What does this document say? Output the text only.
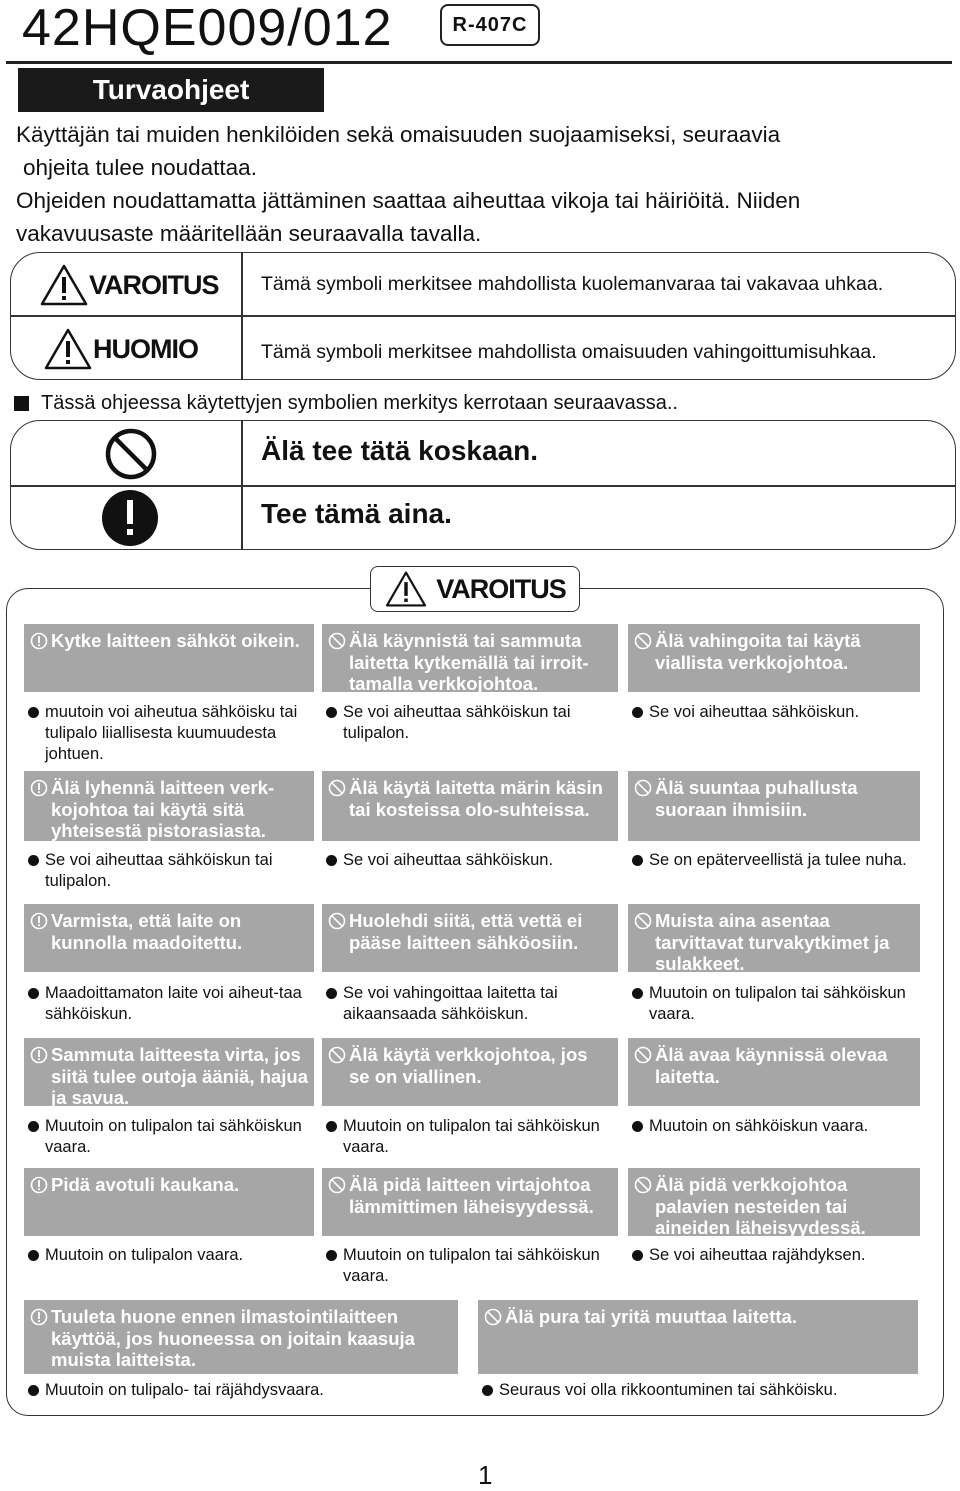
42HQE009/012	R-407C
Turvaohjeet

Käyttäjän tai muiden henkilöiden sekä omaisuuden suojaamiseksi, seuraavia

ohjeita tulee noudattaa.

Ohjeiden noudattamatta jättäminen saattaa aiheuttaa vikoja tai häiriöitä. Niiden

vakavuusaste määritellään seuraavalla tavalla.

VAROITUS Tämä symboli merkitsee mahdollista kuolemanvaraa tai vakavaa uhkaa.
HUOMIO	Tämä symboli merkitsee mahdollista omaisuuden vahingoittumisuhkaa.
Tässä ohjeessa käytettyjen symbolien merkitys kerrotaan seuraavassa..
Älä tee tätä koskaan.
Tee tämä aina.
VAROITUS
Kytke laitteen sähköt oikein.
muutoin voi aiheutua sähköisku tai tulipalo liiallisesta kuumuudesta johtuen.
Älä käynnistä tai sammuta laitetta kytkemällä tai irroit-tamalla verkkojohtoa.
Se voi aiheuttaa sähköiskun tai tulipalon.
Älä vahingoita tai käytä viallista verkkojohtoa.
Se voi aiheuttaa sähköiskun.
Älä lyhennä laitteen verk-kojohtoa tai käytä sitä yhteisestä pistorasiasta.
Se voi aiheuttaa sähköiskun tai tulipalon.
Älä käytä laitetta märin käsin tai kosteissa olo-suhteissa.
Se voi aiheuttaa sähköiskun.
Älä suuntaa puhallusta suoraan ihmisiin.
Se on epäterveellistä ja tulee nuha.
Varmista, että laite on kunnolla maadoitettu.
Maadoittamaton laite voi aiheut-taa sähköiskun.
Huolehdi siitä, että vettä ei pääse laitteen sähköosiin.
Se voi vahingoittaa laitetta tai aikaansaada sähköiskun.
Muista aina asentaa tarvittavat turvakytkimet ja sulakkeet.
Muutoin on tulipalon tai sähköiskun vaara.
Sammuta laitteesta virta, jos siitä tulee outoja ääniä, hajua ja savua.
Muutoin on tulipalon tai sähköiskun vaara.
Älä käytä verkkojohtoa, jos se on viallinen.
Muutoin on tulipalon tai sähköiskun vaara.
Älä avaa käynnissä olevaa laitetta.
Muutoin on sähköiskun vaara.
Pidä avotuli kaukana.
Muutoin on tulipalon vaara.
Älä pidä laitteen virtajohtoa lämmittimen läheisyydessä.
Muutoin on tulipalon tai sähköiskun vaara.
Älä pidä verkkojohtoa palavien nesteiden tai aineiden läheisyydessä.
Se voi aiheuttaa rajähdyksen.
Tuuleta huone ennen ilmastointilaitteen käyttöä, jos huoneessa on joitain kaasuja muista laitteista.
Muutoin on tulipalo- tai räjähdysvaara.
Älä pura tai yritä muuttaa laitetta.
Seuraus voi olla rikkoontuminen tai sähköisku.
1
